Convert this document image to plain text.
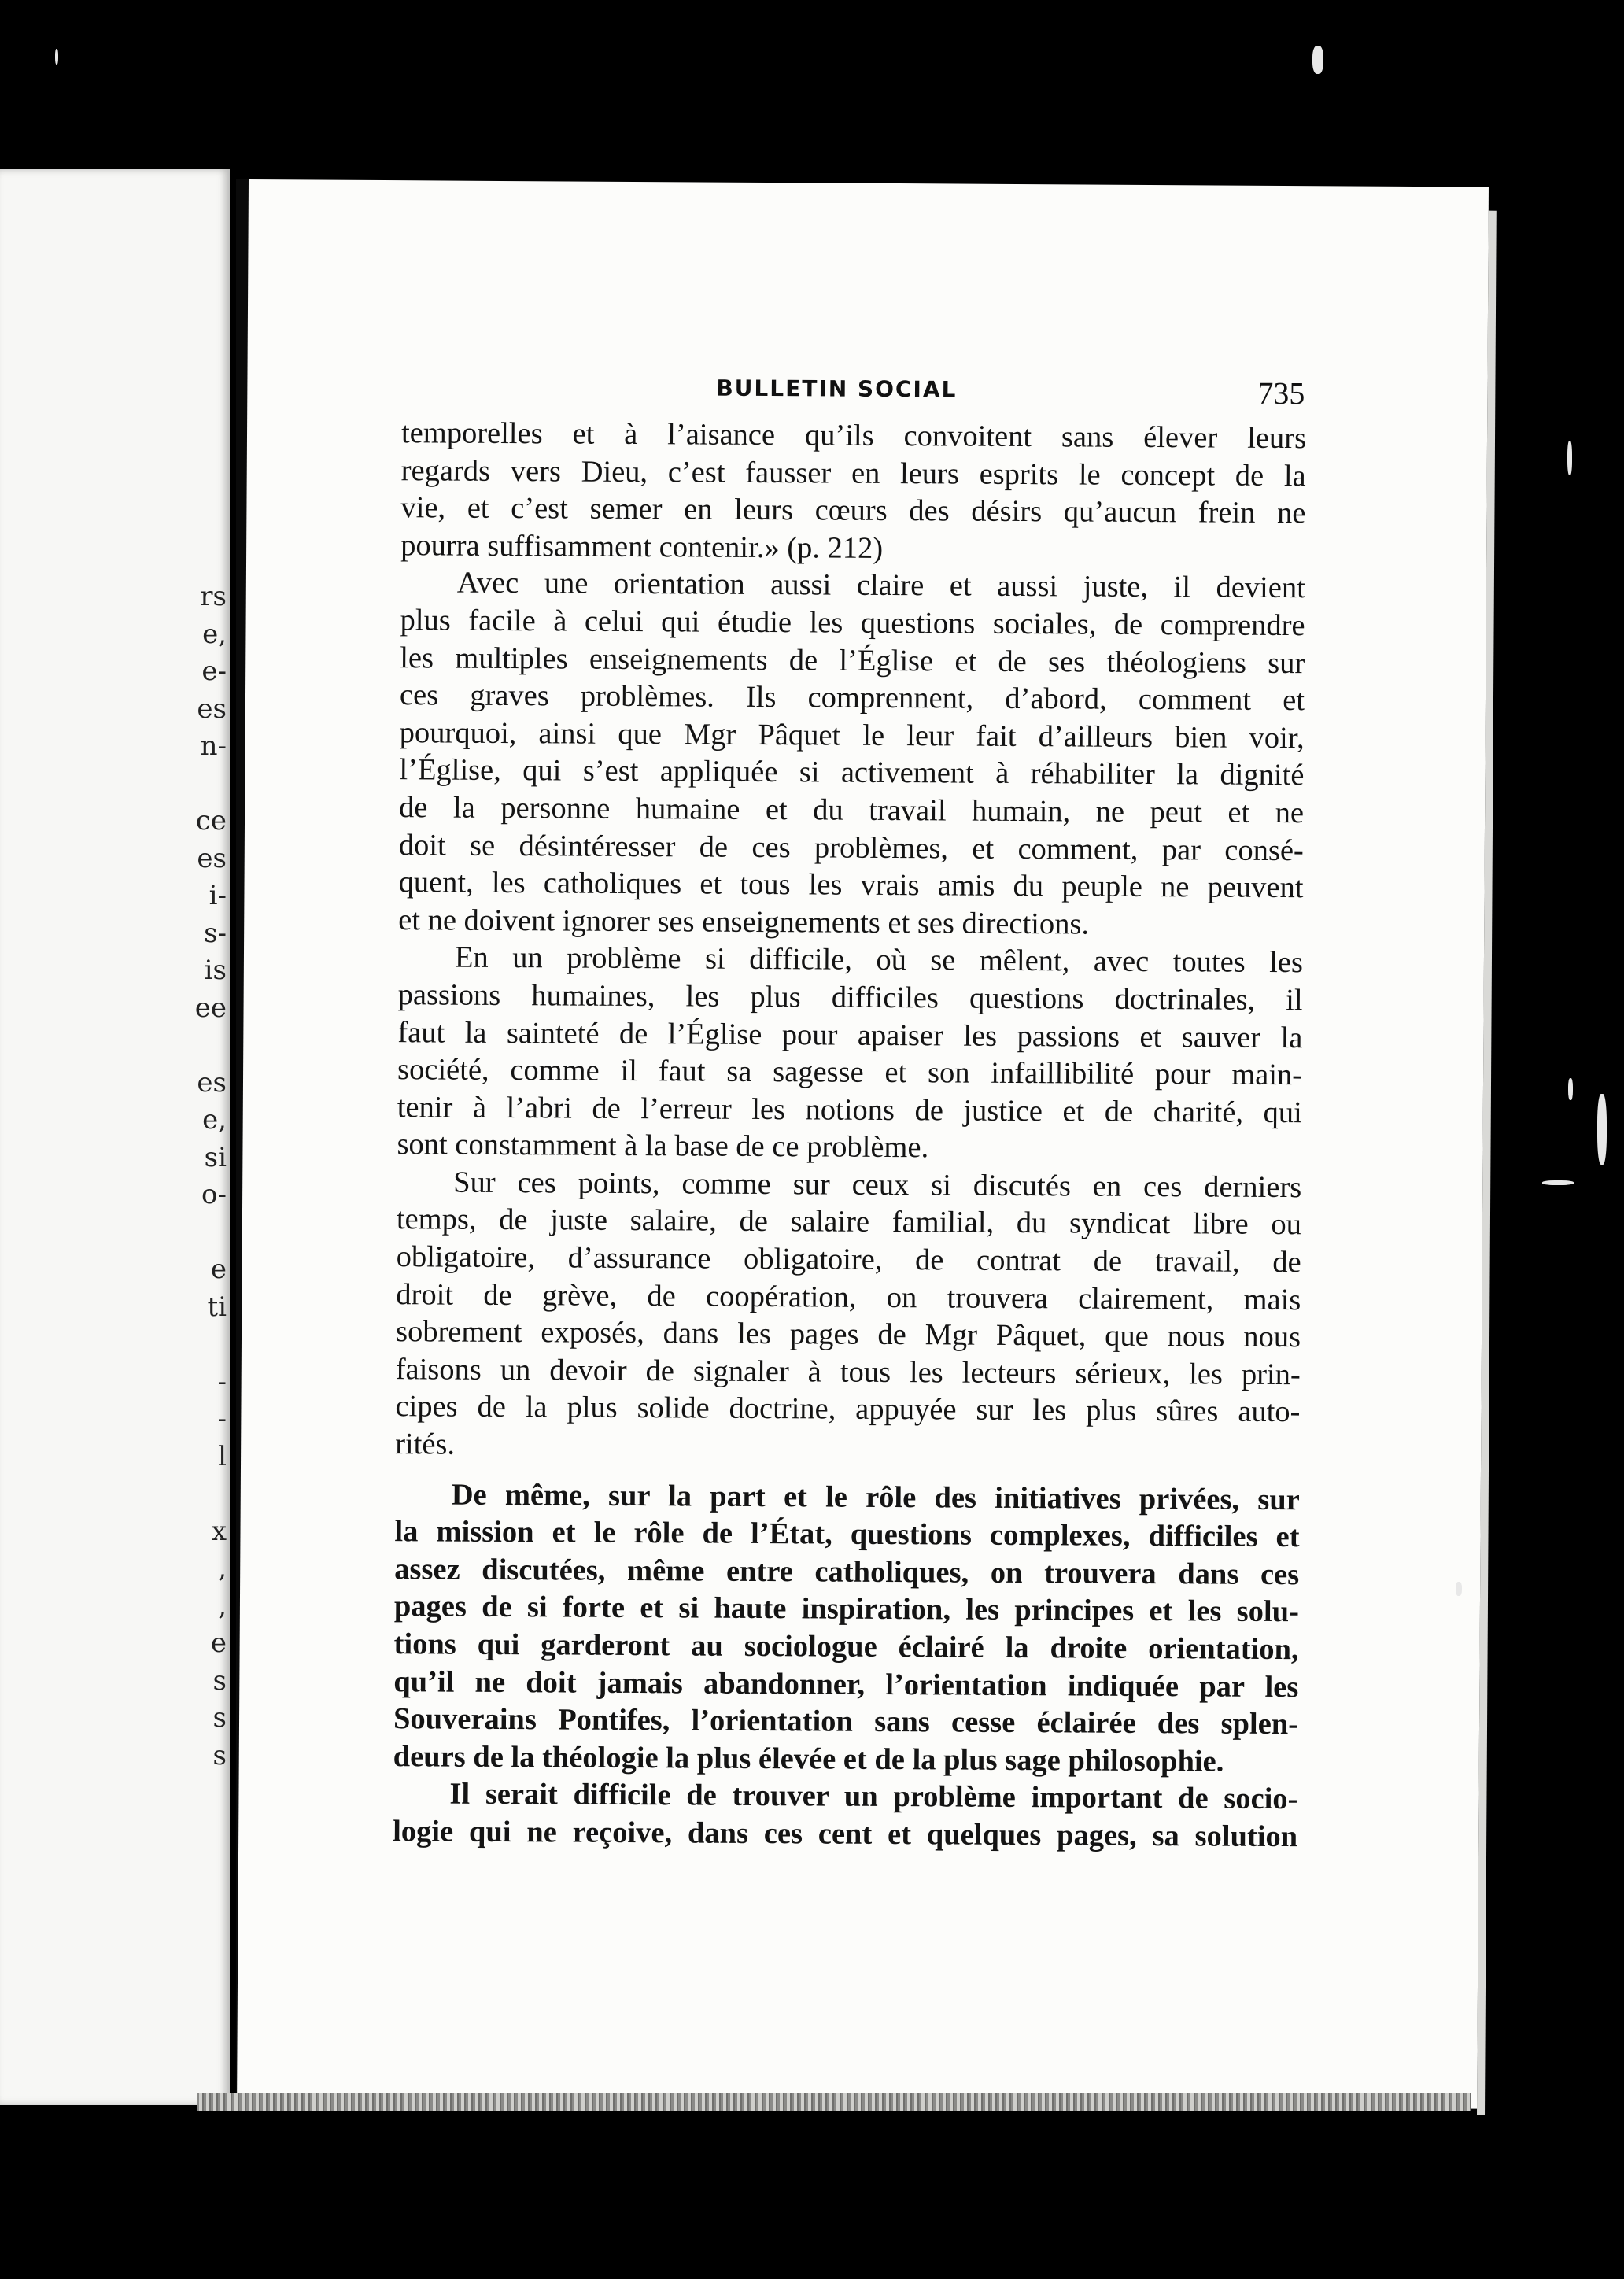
rs
e,
e-
es
n-
ce
es
i-
s-
is
ee
es
e,
si
o-
e
ti
-
-
l
x
,
,
e
s
s
s
BULLETIN SOCIAL	735
temporelles et à l’aisance qu’ils convoitent sans élever leurs
regards vers Dieu, c’est fausser en leurs esprits le concept de la
vie, et c’est semer en leurs cœurs des désirs qu’aucun frein ne
pourra suffisamment contenir.» (p. 212)
Avec une orientation aussi claire et aussi juste, il devient
plus facile à celui qui étudie les questions sociales, de comprendre
les multiples enseignements de l’Église et de ses théologiens sur
ces graves problèmes. Ils comprennent, d’abord, comment et
pourquoi, ainsi que Mgr Pâquet le leur fait d’ailleurs bien voir,
l’Église, qui s’est appliquée si activement à réhabiliter la dignité
de la personne humaine et du travail humain, ne peut et ne
doit se désintéresser de ces problèmes, et comment, par consé-
quent, les catholiques et tous les vrais amis du peuple ne peuvent
et ne doivent ignorer ses enseignements et ses directions.
En un problème si difficile, où se mêlent, avec toutes les
passions humaines, les plus difficiles questions doctrinales, il
faut la sainteté de l’Église pour apaiser les passions et sauver la
société, comme il faut sa sagesse et son infaillibilité pour main-
tenir à l’abri de l’erreur les notions de justice et de charité, qui
sont constamment à la base de ce problème.
Sur ces points, comme sur ceux si discutés en ces derniers
temps, de juste salaire, de salaire familial, du syndicat libre ou
obligatoire, d’assurance obligatoire, de contrat de travail, de
droit de grève, de coopération, on trouvera clairement, mais
sobrement exposés, dans les pages de Mgr Pâquet, que nous nous
faisons un devoir de signaler à tous les lecteurs sérieux, les prin-
cipes de la plus solide doctrine, appuyée sur les plus sûres auto-
rités.
De même, sur la part et le rôle des initiatives privées, sur
la mission et le rôle de l’État, questions complexes, difficiles et
assez discutées, même entre catholiques, on trouvera dans ces
pages de si forte et si haute inspiration, les principes et les solu-
tions qui garderont au sociologue éclairé la droite orientation,
qu’il ne doit jamais abandonner, l’orientation indiquée par les
Souverains Pontifes, l’orientation sans cesse éclairée des splen-
deurs de la théologie la plus élevée et de la plus sage philosophie.
Il serait difficile de trouver un problème important de socio-
logie qui ne reçoive, dans ces cent et quelques pages, sa solution
